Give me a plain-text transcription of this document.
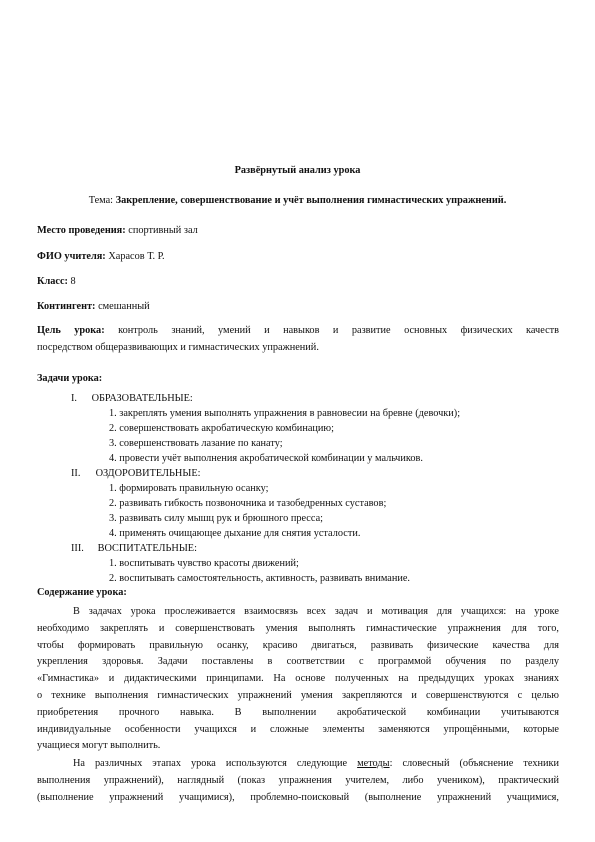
Развёрнутый анализ урока
Тема: Закрепление, совершенствование и учёт выполнения гимнастических упражнений.
Место проведения: спортивный зал
ФИО учителя: Харасов Т. Р.
Класс: 8
Контингент: смешанный
Цель урока: контроль знаний, умений и навыков и развитие основных физических качеств
посредством общеразвивающих и гимнастических упражнений.
Задачи урока:
I. ОБРАЗОВАТЕЛЬНЫЕ:
1. закреплять умения выполнять упражнения в равновесии на бревне (девочки);
2. совершенствовать акробатическую комбинацию;
3. совершенствовать лазание по канату;
4. провести учёт выполнения акробатической комбинации у мальчиков.
II. ОЗДОРОВИТЕЛЬНЫЕ:
1. формировать правильную осанку;
2. развивать гибкость позвоночника и тазобедренных суставов;
3. развивать силу мышц рук и брюшного пресса;
4. применять очищающее дыхание для снятия усталости.
III. ВОСПИТАТЕЛЬНЫЕ:
1. воспитывать чувство красоты движений;
2. воспитывать самостоятельность, активность, развивать внимание.
Содержание урока:
В задачах урока прослеживается взаимосвязь всех задач и мотивация для учащихся: на уроке
необходимо закреплять и совершенствовать умения выполнять гимнастические упражнения для того,
чтобы формировать правильную осанку, красиво двигаться, развивать физические качества для
укрепления здоровья. Задачи поставлены в соответствии с программой обучения по разделу
«Гимнастика» и дидактическими принципами. На основе полученных на предыдущих уроках знаниях
о технике выполнения гимнастических упражнений умения закрепляются и совершенствуются с целью
приобретения прочного навыка. В выполнении акробатической комбинации учитываются
индивидуальные особенности учащихся и сложные элементы заменяются упрощёнными, которые
учащиеся могут выполнить.
На различных этапах урока используются следующие методы: словесный (объяснение техники
выполнения упражнений), наглядный (показ упражнения учителем, либо учеником), практический
(выполнение упражнений учащимися), проблемно-поисковый (выполнение упражнений учащимися,
